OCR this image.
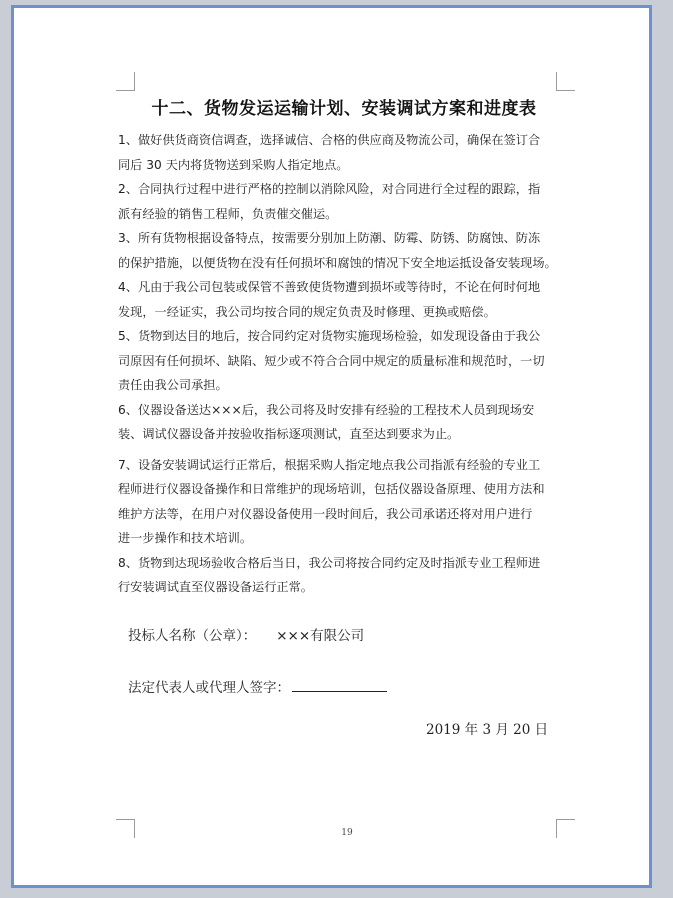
十二、货物发运运输计划、安装调试方案和进度表

1、做好供货商资信调查，选择诚信、合格的供应商及物流公司，确保在签订合

同后 30 天内将货物送到采购人指定地点。

2、合同执行过程中进行严格的控制以消除风险，对合同进行全过程的跟踪，指

派有经验的销售工程师，负责催交催运。

3、所有货物根据设备特点，按需要分别加上防潮、防霉、防锈、防腐蚀、防冻

的保护措施，以便货物在没有任何损坏和腐蚀的情况下安全地运抵设备安装现场。

4、凡由于我公司包装或保管不善致使货物遭到损坏或等待时，不论在何时何地

发现，一经证实，我公司均按合同的规定负责及时修理、更换或赔偿。

5、货物到达目的地后，按合同约定对货物实施现场检验，如发现设备由于我公

司原因有任何损坏、缺陷、短少或不符合合同中规定的质量标准和规范时，一切

责任由我公司承担。

6、仪器设备送达×××后，我公司将及时安排有经验的工程技术人员到现场安

装、调试仪器设备并按验收指标逐项测试，直至达到要求为止。

7、设备安装调试运行正常后，根据采购人指定地点我公司指派有经验的专业工

程师进行仪器设备操作和日常维护的现场培训，包括仪器设备原理、使用方法和

维护方法等，在用户对仪器设备使用一段时间后，我公司承诺还将对用户进行

进一步操作和技术培训。

8、货物到达现场验收合格后当日，我公司将按合同约定及时指派专业工程师进

行安装调试直至仪器设备运行正常。

投标人名称（公章）： ×××有限公司
法定代表人或代理人签字：
2019 年 3 月 20 日
19
